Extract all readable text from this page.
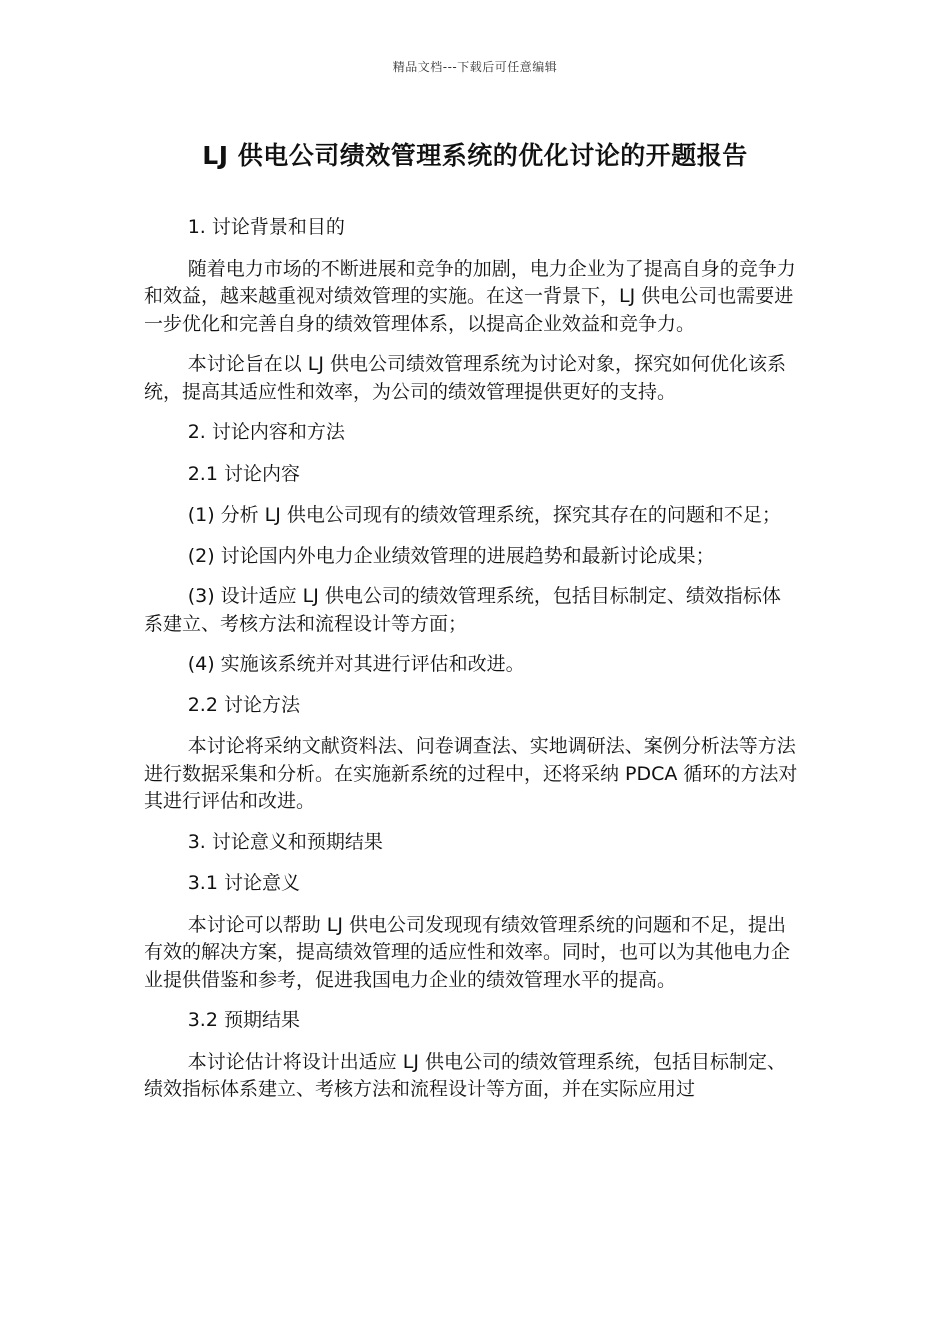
精品文档---下载后可任意编辑
LJ 供电公司绩效管理系统的优化讨论的开题报告

1. 讨论背景和目的

随着电力市场的不断进展和竞争的加剧，电力企业为了提高自身的竞争力和效益，越来越重视对绩效管理的实施。在这一背景下，LJ 供电公司也需要进一步优化和完善自身的绩效管理体系，以提高企业效益和竞争力。

本讨论旨在以 LJ 供电公司绩效管理系统为讨论对象，探究如何优化该系统，提高其适应性和效率，为公司的绩效管理提供更好的支持。

2. 讨论内容和方法

2.1 讨论内容

(1) 分析 LJ 供电公司现有的绩效管理系统，探究其存在的问题和不足；

(2) 讨论国内外电力企业绩效管理的进展趋势和最新讨论成果；

(3) 设计适应 LJ 供电公司的绩效管理系统，包括目标制定、绩效指标体系建立、考核方法和流程设计等方面；

(4) 实施该系统并对其进行评估和改进。

2.2 讨论方法

本讨论将采纳文献资料法、问卷调查法、实地调研法、案例分析法等方法进行数据采集和分析。在实施新系统的过程中，还将采纳 PDCA 循环的方法对其进行评估和改进。

3. 讨论意义和预期结果

3.1 讨论意义

本讨论可以帮助 LJ 供电公司发现现有绩效管理系统的问题和不足，提出有效的解决方案，提高绩效管理的适应性和效率。同时，也可以为其他电力企业提供借鉴和参考，促进我国电力企业的绩效管理水平的提高。

3.2 预期结果

本讨论估计将设计出适应 LJ 供电公司的绩效管理系统，包括目标制定、绩效指标体系建立、考核方法和流程设计等方面，并在实际应用过
